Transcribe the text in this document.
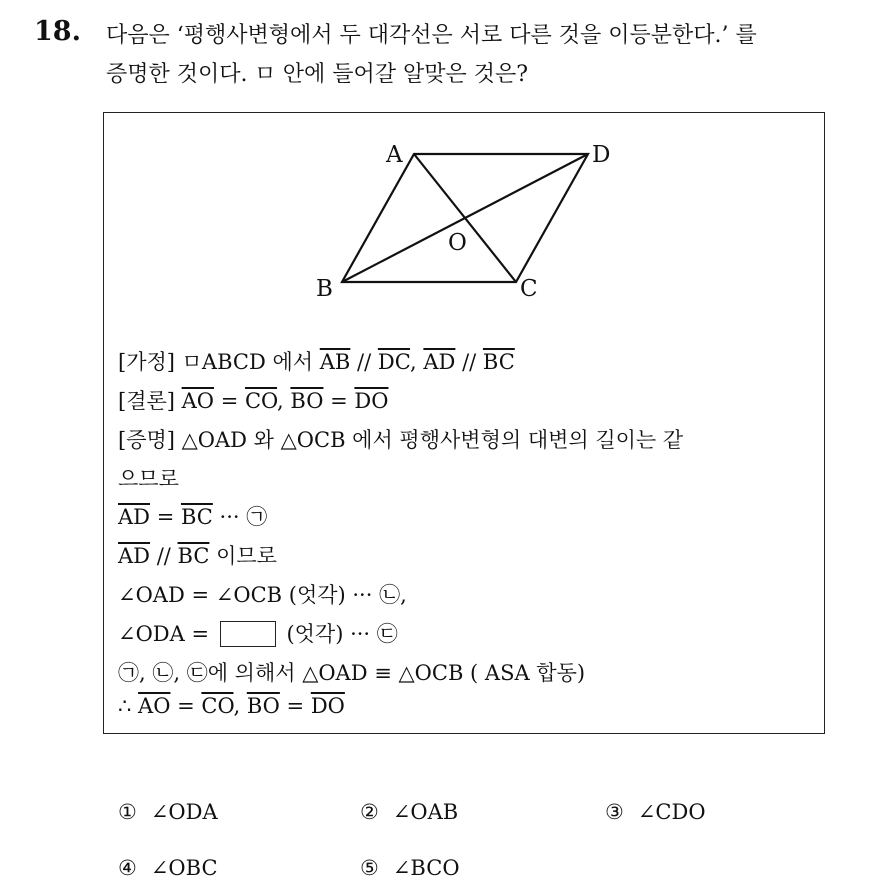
18. 다음은 ‘평행사변형에서 두 대각선은 서로 다른 것을 이등분한다.’ 를
증명한 것이다. ㅁ 안에 들어갈 알맞은 것은?
A	D
B	C
O
[가정] ㅁABCD 에서 $\overline{AB} // \overline{DC}$, $\overline{AD} // \overline{BC}$
[결론] $\overline{AO} = \overline{CO}$, $\overline{BO} = \overline{DO}$
[증명] △OAD 와 △OCB 에서 평행사변형의 대변의 길이는 같
으므로
$\overline{AD} = \overline{BC}$ ··· ㉠
$\overline{AD} // \overline{BC}$ 이므로
∠OAD = ∠OCB (엇각) ··· ㉡,
∠ODA =	(엇각) ··· ㉢
㉠, ㉡, ㉢에 의해서 △OAD ≡ △OCB ( ASA 합동)
∴ $\overline{AO} = \overline{CO}$, $\overline{BO} = \overline{DO}$
① ∠ODA	② ∠OAB	③ ∠CDO
④ ∠OBC	⑤ ∠BCO
